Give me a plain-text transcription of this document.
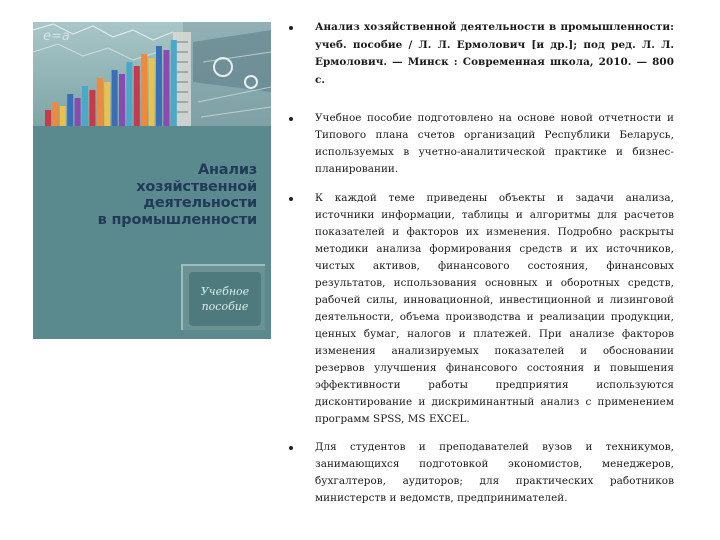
e=a
Анализ
хозяйственной
деятельности
в промышленности
Учебное
пособие

Анализ хозяйственной деятельности в промышленности: учеб. пособие / Л. Л. Ермолович [и др.]; под ред. Л. Л. Ермолович. — Минск : Современная школа, 2010. — 800 с.

Учебное пособие подготовлено на основе новой отчетности и Типового плана счетов организаций Республики Беларусь, используемых в учетно-аналитической практике и бизнес-планировании.

К каждой теме приведены объекты и задачи анализа, источники информации, таблицы и алгоритмы для расчетов показателей и факторов их изменения. Подробно раскрыты методики анализа формирования средств и их источников, чистых активов, финансового состояния, финансовых результатов, использования основных и оборотных средств, рабочей силы, инновационной, инвестиционной и лизинговой деятельности, объема производства и реализации продукции, ценных бумаг, налогов и платежей. При анализе факторов изменения анализируемых показателей и обосновании резервов улучшения финансового состояния и повышения эффективности работы предприятия используются дисконтирование и дискриминантный анализ с применением программ SPSS, MS EXCEL.

Для студентов и преподавателей вузов и техникумов, занимающихся подготовкой экономистов, менеджеров, бухгалтеров, аудиторов; для практических работников министерств и ведомств, предпринимателей.
